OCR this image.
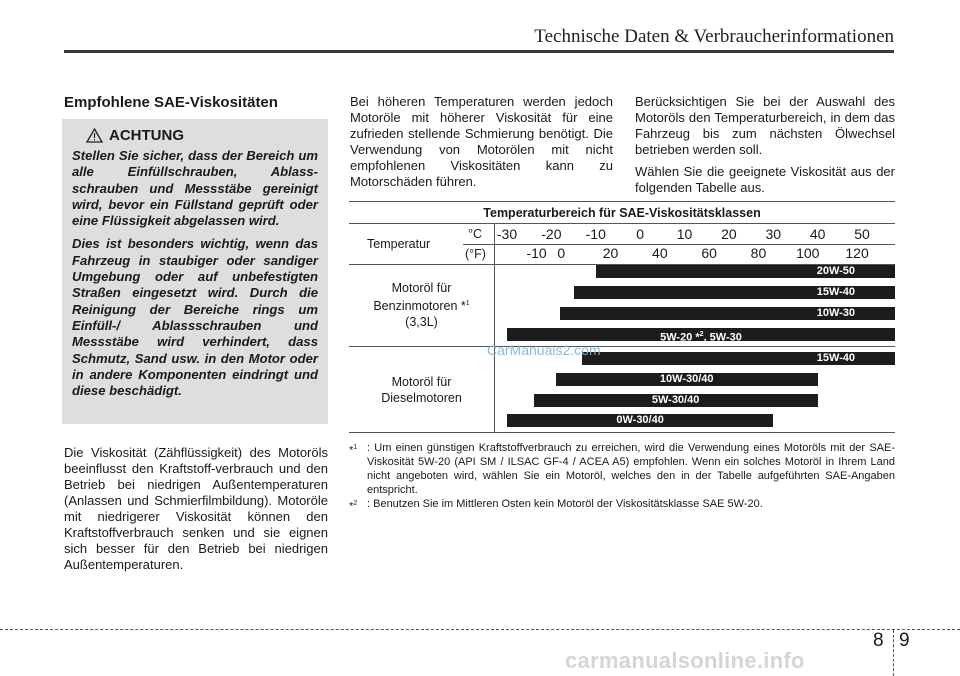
Technische Daten & Verbraucherinformationen
Empfohlene SAE-Viskositäten
ACHTUNG

Stellen Sie sicher, dass der Bereich um alle Einfüllschrauben, Ablass-schrauben und Messstäbe gereinigt wird, bevor ein Füllstand geprüft oder eine Flüssigkeit abgelassen wird.

Dies ist besonders wichtig, wenn das Fahrzeug in staubiger oder sandiger Umgebung oder auf unbefestigten Straßen eingesetzt wird. Durch die Reinigung der Bereiche rings um Einfüll-/ Ablassschrauben und Messstäbe wird verhindert, dass Schmutz, Sand usw. in den Motor oder in andere Komponenten eindringt und diese beschädigt.

Die Viskosität (Zähflüssigkeit) des Motoröls beeinflusst den Kraftstoff-verbrauch und den Betrieb bei niedrigen Außentemperaturen (Anlassen und Schmierfilmbildung). Motoröle mit niedrigerer Viskosität können den Kraftstoffverbrauch senken und sie eignen sich besser für den Betrieb bei niedrigen Außentemperaturen.

Bei höheren Temperaturen werden jedoch Motoröle mit höherer Viskosität für eine zufrieden stellende Schmierung benötigt. Die Verwendung von Motorölen mit nicht empfohlenen Viskositäten kann zu Motorschäden führen.

Berücksichtigen Sie bei der Auswahl des Motoröls den Temperaturbereich, in dem das Fahrzeug bis zum nächsten Ölwechsel betrieben werden soll.

Wählen Sie die geeignete Viskosität aus der folgenden Tabelle aus.

Temperaturbereich für SAE-Viskositätsklassen
Temperatur
°C
(°F)
-30 -20 -10 0 10 20 30 40 50
-10 0	20 40 60 80 100 120
Motoröl für
Benzinmotoren *$^1$
(3,3L)
Motoröl für
Dieselmotoren
20W-50
15W-40
10W-30
5W-20 *$^2$, 5W-30
15W-40
10W-30/40
5W-30/40
0W-30/40
CarManuals2.com
*$^1$ : Um einen günstigen Kraftstoffverbrauch zu erreichen, wird die Verwendung eines Motoröls mit der SAE-Viskosität 5W-20 (API SM / ILSAC GF-4 / ACEA A5) empfohlen. Wenn ein solches Motoröl in Ihrem Land nicht angeboten wird, wählen Sie ein Motoröl, welches den in der Tabelle aufgeführten SAE-Angaben entspricht.
*$^2$ : Benutzen Sie im Mittleren Osten kein Motoröl der Viskositätsklasse SAE 5W-20.
8 9
carmanualsonline.info
